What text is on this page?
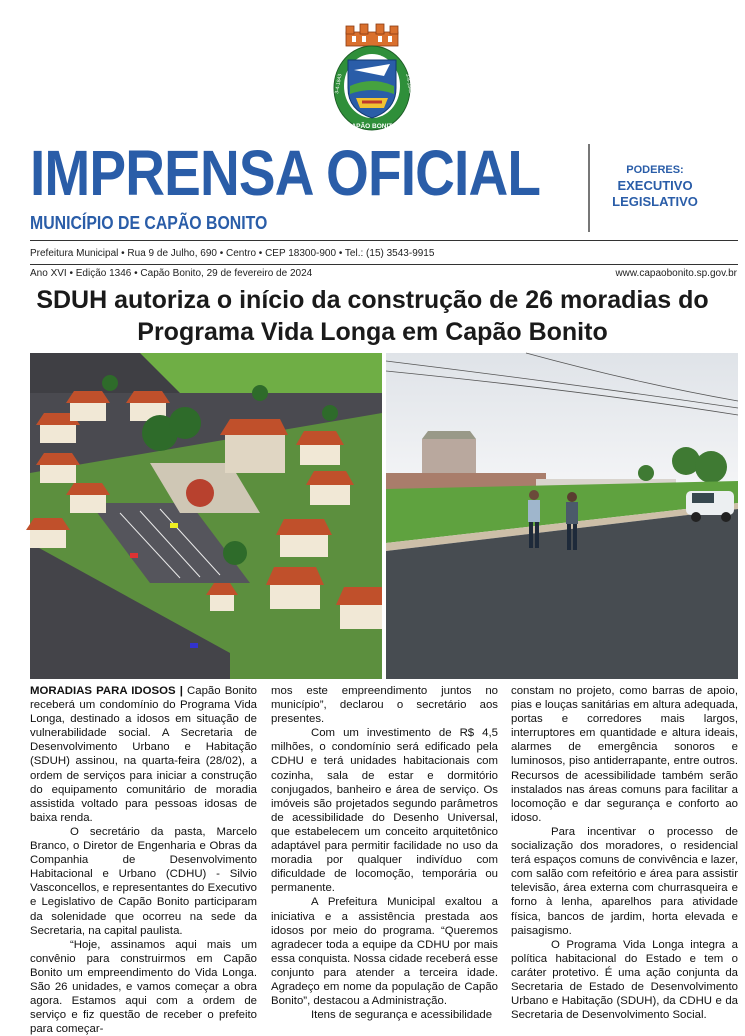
CAPÃO BONITO
3-4-1843	3-4-1843
IMPRENSA OFICIAL
MUNICÍPIO DE CAPÃO BONITO
PODERES:
EXECUTIVO
LEGISLATIVO
Prefeitura Municipal • Rua 9 de Julho, 690 • Centro • CEP 18300-900 • Tel.: (15) 3543-9915
Ano XVI • Edição 1346 • Capão Bonito, 29 de fevereiro de 2024	www.capaobonito.sp.gov.br
SDUH autoriza o início da construção de 26 moradias do Programa Vida Longa em Capão Bonito

MORADIAS PARA IDOSOS | Capão Bonito receberá um condomínio do Programa Vida Longa, destinado a idosos em situação de vulnerabilidade social. A Secretaria de Desenvolvimento Urbano e Habitação (SDUH) assinou, na quarta-feira (28/02), a ordem de serviços para iniciar a construção do equipamento comunitário de moradia assistida voltado para pessoas idosas de baixa renda.

O secretário da pasta, Marcelo Branco, o Diretor de Engenharia e Obras da Companhia de Desenvolvimento Habitacional e Urbano (CDHU) - Silvio Vasconcellos, e representantes do Executivo e Legislativo de Capão Bonito participaram da solenidade que ocorreu na sede da Secretaria, na capital paulista.

“Hoje, assinamos aqui mais um convênio para construirmos em Capão Bonito um empreendimento do Vida Longa. São 26 unidades, e vamos começar a obra agora. Estamos aqui com a ordem de serviço e fiz questão de receber o prefeito para começar-

mos este empreendimento juntos no município”, declarou o secretário aos presentes.

Com um investimento de R$ 4,5 milhões, o condomínio será edificado pela CDHU e terá unidades habitacionais com cozinha, sala de estar e dormitório conjugados, banheiro e área de serviço. Os imóveis são projetados segundo parâmetros de acessibilidade do Desenho Universal, que estabelecem um conceito arquitetônico adaptável para permitir facilidade no uso da moradia por qualquer indivíduo com dificuldade de locomoção, temporária ou permanente.

A Prefeitura Municipal exaltou a iniciativa e a assistência prestada aos idosos por meio do programa. “Queremos agradecer toda a equipe da CDHU por mais essa conquista. Nossa cidade receberá esse conjunto para atender a terceira idade. Agradeço em nome da população de Capão Bonito”, destacou a Administração.

Itens de segurança e acessibilidade

constam no projeto, como barras de apoio, pias e louças sanitárias em altura adequada, portas e corredores mais largos, interruptores em quantidade e altura ideais, alarmes de emergência sonoros e luminosos, piso antiderrapante, entre outros. Recursos de acessibilidade também serão instalados nas áreas comuns para facilitar a locomoção e dar segurança e conforto ao idoso.

Para incentivar o processo de socialização dos moradores, o residencial terá espaços comuns de convivência e lazer, com salão com refeitório e área para assistir televisão, área externa com churrasqueira e forno à lenha, aparelhos para atividade física, bancos de jardim, horta elevada e paisagismo.

O Programa Vida Longa integra a política habitacional do Estado e tem o caráter protetivo. É uma ação conjunta da Secretaria de Estado de Desenvolvimento Urbano e Habitação (SDUH), da CDHU e da Secretaria de Desenvolvimento Social.
